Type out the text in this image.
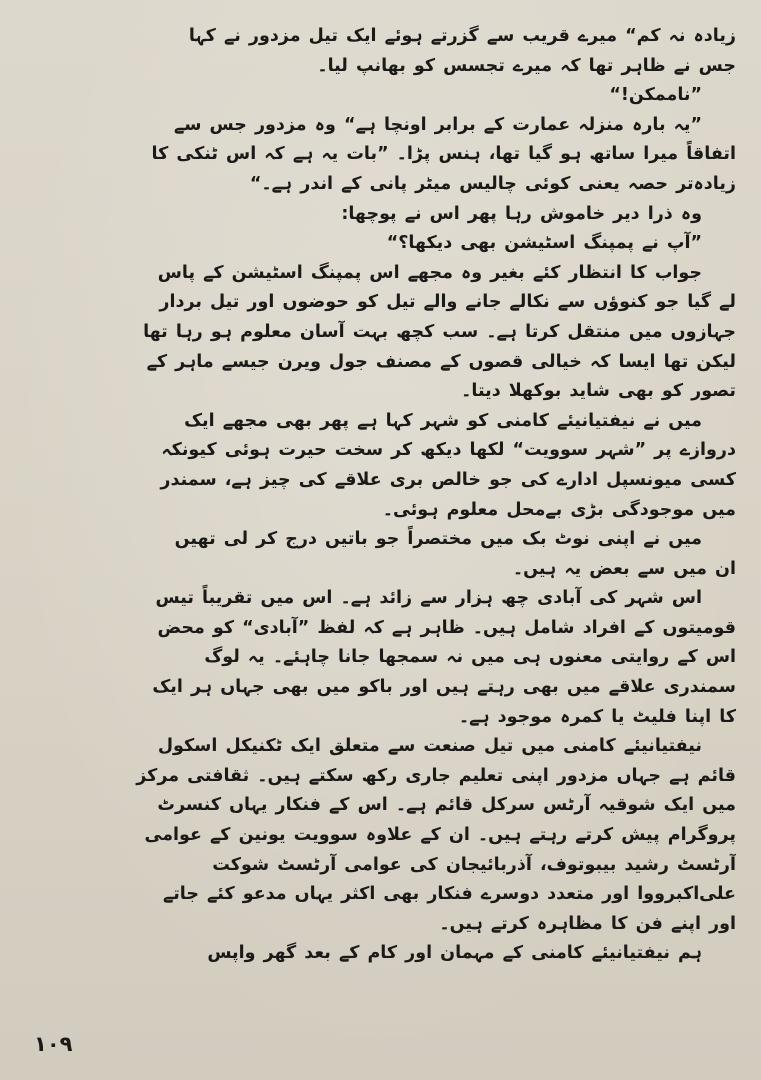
زیادہ نہ کم“ میرے قریب سے گزرتے ہوئے ایک تیل مزدور نے کہا
جس نے ظاہر تھا کہ میرے تجسس کو بھانپ لیا۔
”ناممکن!“
”یہ بارہ منزلہ عمارت کے برابر اونچا ہے“ وہ مزدور جس سے
اتفاقاً میرا ساتھ ہو گیا تھا، ہنس پڑا۔ ”بات یہ ہے کہ اس ٹنکی کا
زیادہ‌تر حصہ یعنی کوئی چالیس میٹر پانی کے اندر ہے۔“
وہ ذرا دیر خاموش رہا پھر اس نے پوچھا:
”آپ نے پمپنگ اسٹیشن بھی دیکھا؟“
جواب کا انتظار کئے بغیر وہ مجھے اس پمپنگ اسٹیشن کے پاس
لے گیا جو کنوؤں سے نکالے جانے والے تیل کو حوضوں اور تیل بردار
جہازوں میں منتقل کرتا ہے۔ سب کچھ بہت آسان معلوم ہو رہا تھا
لیکن تھا ایسا کہ خیالی قصوں کے مصنف جول ویرن جیسے ماہر کے
تصور کو بھی شاید بوکھلا دیتا۔
میں نے نیفتیانیئے کامنی کو شہر کہا ہے پھر بھی مجھے ایک
دروازے پر ”شہر سوویت“ لکھا دیکھ کر سخت حیرت ہوئی کیونکہ
کسی میونسپل ادارے کی جو خالص بری علاقے کی چیز ہے، سمندر
میں موجودگی بڑی بے‌محل معلوم ہوئی۔
میں نے اپنی نوٹ بک میں مختصراً جو باتیں درج کر لی تھیں
ان میں سے بعض یہ ہیں۔
اس شہر کی آبادی چھ ہزار سے زائد ہے۔ اس میں تقریباً تیس
قومیتوں کے افراد شامل ہیں۔ ظاہر ہے کہ لفظ ”آبادی“ کو محض
اس کے روایتی معنوں ہی میں نہ سمجھا جانا چاہئے۔ یہ لوگ
سمندری علاقے میں بھی رہتے ہیں اور باکو میں بھی جہاں ہر ایک
کا اپنا فلیٹ یا کمرہ موجود ہے۔
نیفتیانیئے کامنی میں تیل صنعت سے متعلق ایک ٹکنیکل اسکول
قائم ہے جہاں مزدور اپنی تعلیم جاری رکھ سکتے ہیں۔ ثقافتی مرکز
میں ایک شوقیہ آرٹس سرکل قائم ہے۔ اس کے فنکار یہاں کنسرٹ
پروگرام پیش کرتے رہتے ہیں۔ ان کے علاوہ سوویت یونین کے عوامی
آرٹسٹ رشید بیبوتوف، آذربائیجان کی عوامی آرٹسٹ شوکت
علی‌اکبرووا اور متعدد دوسرے فنکار بھی اکثر یہاں مدعو کئے جاتے
اور اپنے فن کا مظاہرہ کرتے ہیں۔
ہم نیفتیانیئے کامنی کے مہمان اور کام کے بعد گھر واپس
۱۰۹
